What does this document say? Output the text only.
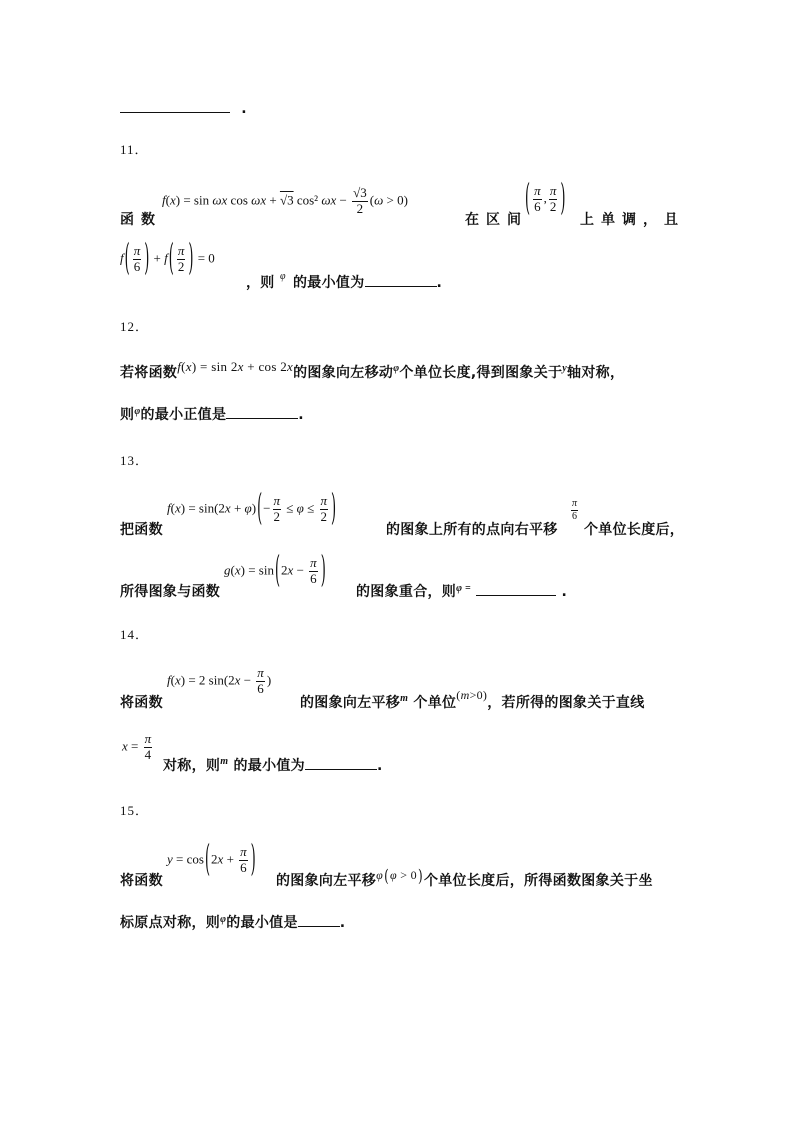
.
11．
f(x) = sin ωx cos ωx + √3 cos² $\omega x - \frac{√3}{2} (\omega > 0)$
函数	在区间
( $\frac{\pi}{6}$ , $\frac{\pi}{2}$ ) 上单调，且
$f( \frac{\pi}{6}$ ) + $f( \frac{\pi}{2}$ ) = 0
，则 φ 的最小值为	.
12．
若将函数f(x) = sin 2x + cos 2x的图象向左移动$^\varphi$个单位长度,得到图象关于$^y$轴对称，
则$^\varphi$的最小正值是	.
13．
$f(x) = \sin(2x + \varphi)(- \frac{\pi}{2} \le \varphi \le \frac{\pi}{2}$ )
把函数	的图象上所有的点向右平移
$\frac{\pi}{6}$
个单位长度后，
$g(x) = \sin(2x - \frac{\pi}{6}$ )
所得图象与函数	的图象重合，则$^{\varphi =}$	.
14．
f(x) = 2 $\sin(2x - \frac{\pi}{6}$ )
将函数	的图象向左平移$^m$ 个单位(m>0)，若所得的图象关于直线
$x = \frac{\pi}{4}$
对称，则$^m$ 的最小值为	.
15．
$y = \cos(2x + \frac{\pi}{6}$ )
将函数	的图象向左平移φ(φ > 0)个单位长度后，所得函数图象关于坐
标原点对称，则$^\varphi$的最小值是	.
